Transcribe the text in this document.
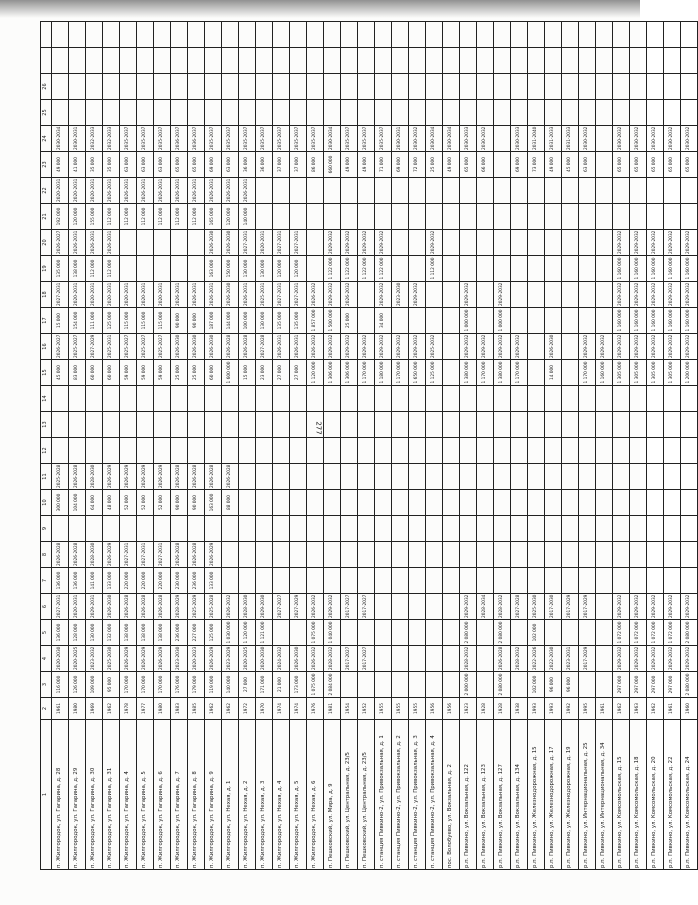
277
1	2	3	4	5	6	7	8	9	10	11	12	13	14	15	16	17	18	19	20	21	22	23	24	25	26		
п. Жилгородок, ул. Гагарина, д. 28	1961	116 000	2020-2030	136 000	2027-2031	136 000	2026-2028		300 000	2025-2028				45 000	2026-2027	15 000	2027-2031	135 000	2026-2027	192 000	2020-2031	49 000	2030-2034				
п. Жилгородок, ул. Гагарина, д. 29	1980	126 000	2020-2025	128 000	2020-2031	136 000	2026-2028		104 000	2026-2028				83 000	2025-2027	154 000	2020-2031	138 000	2026-2031	120 000	2020-2031	41 000	2030-2031				
п. Жилгородок, ул. Гагарина, д. 30	1969	109 000	2023-2032	130 000	2029-2031	141 000	2028-2030		64 000	2028-2030				60 000	2027-2029	111 000	2020-2031	112 000	2026-2031	155 000	2020-2031	35 000	2032-2033				
п. Жилгородок, ул. Гагарина, д. 31	1962	95 000	2025-2030	132 000	2026-2030	133 000	2026-2029		48 000	2026-2029				60 000	2025-2031	125 000	2020-2031	112 000	2026-2031	112 000	2026-2031	35 000	2032-2033				
п. Жилгородок, ул. Гагарина, д. 4	1978	170 000	2026-2029	138 000	2026-2028	220 000	2027-2031		52 000	2026-2029				59 000	2025-2027	115 000	2020-2031			112 000	2026-2031	63 000	2035-2037				
п. Жилгородок, ул. Гагарина, д. 5	1977	170 000	2026-2029	138 000	2026-2028	220 000	2027-2031		52 000	2026-2029				59 000	2025-2027	115 000	2020-2031			112 000	2026-2031	63 000	2035-2037				
п. Жилгородок, ул. Гагарина, д. 6	1980	170 000	2026-2029	138 000	2026-2028	220 000	2027-2031		52 000	2026-2029				59 000	2025-2027	115 000	2020-2031			112 000	2026-2031	63 000	2035-2037				
п. Жилгородок, ул. Гагарина, д. 7	1983	176 000	2023-2030	236 000	2028-2029	230 000	2026-2028		90 000	2026-2028				25 000	2026-2030	90 000	2026-2031			112 000	2026-2031	65 000	2036-2037				
п. Жилгородок, ул. Гагарина, д. 8	1985	179 000	2020-2023	227 000	2025-2029	236 000	2026-2028		90 000	2026-2028				25 000	2026-2030	90 000	2026-2031			112 000	2026-2031	65 000	2036-2037				
п. Жилгородок, ул. Гагарина, д. 9	1962	119 000	2026-2029	125 000	2025-2028	133 000	2026-2029		163 000	2026-2028				60 000	2026-2030	187 000	2026-2031	163 000	2026-2030	165 000	2026-2031	69 000	2035-2037				
п. Жилгородок, ул. Нехая, д. 1	1962	140 000	2023-2029	1 030 000	2026-2032				88 000	2026-2028				1 600 000	2026-2028	144 000	2026-2030	150 000	2026-2030	120 000	2026-2031	63 000	2035-2037				
п. Жилгородок, ул. Нехая, д. 2	1972	27 000	2020-2025	1 120 000	2028-2030									15 000	2026-2028	100 000	2026-2031	130 000	2027-2031	140 000	2026-2031	36 000	2035-2037				
п. Жилгородок, ул. Нехая, д. 3	1970	171 000	2020-2030	1 121 000	2029-2030									23 000	2027-2028	130 000	2025-2031	130 000	2020-2031			36 000	2035-2037				
п. Жилгородок, ул. Нехая, д. 4	1974	21 000	2024-2032		2027-2027									27 000	2026-2031	135 000	2027-2031	120 000	2027-2031			37 000	2035-2037				
п. Жилгородок, ул. Нехая, д. 5	1974	173 000	2026-2030		2027-2029									27 000	2026-2031	135 000	2027-2031	120 000	2027-2031			37 000	2035-2037				
п. Жилгородок, ул. Нехая, д. 6	1976	1 075 000	2026-2032	1 075 000	2026-2032									1 120 000	2026-2032	1 857 000	2026-2032					86 000	2035-2037				
п. Пешковский, ул. Мира, д. 9	1981	2 084 000	2028-2032	1 040 000	2029-2032									1 306 000	2029-2032	1 500 000	2029-2032	1 122 000	2029-2032			660 000	2030-2034				
п. Пешковский, ул. Центральная, д. 23/5	1954		2017-2027		2017-2027									1 306 000	2029-2032	25 000	2026-2032	1 122 000	2029-2032			49 000	2035-2037				
п. Пешковский, ул. Центральная, д. 23/5	1952		2017-2027		2017-2027									1 170 000	2029-2032			1 122 000	2029-2032			49 000	2035-2037				
п. станция Пивкино-2, ул. Привокзальная, д. 1	1955													1 180 000	2029-2032	34 000	2029-2032	1 122 000	2029-2032			71 000	2035-2037				
п. станция Пивкино-2, ул. Привокзальная, д. 2	1955													1 170 000	2029-2032		2023-2030					69 000	2030-2031				
п. станция Пивкино-2, ул. Привокзальная, д. 3	1955													1 650 000	2029-2032		2029-2032					72 000	2030-2032				
п. станция Пивкино-2, ул. Привокзальная, д. 4	1956													1 125 000	2025-2032			1 112 000	2029-2032			25 000	2030-2034				
пос. Волобуево, ул. Вокзальная, д. 2	1956																					49 000	2030-2034				
р.п. Пивкино, ул. Вокзальная, д. 122	1923	2 000 000	2028-2032	2 080 000	2029-2032									1 380 000	2029-2032	1 000 000	2029-2032					65 000	2030-2033				
р.п. Пивкино, ул. Вокзальная, д. 123	1928				2028-2034									1 170 000	2029-2032							66 000	2030-2032				
р.п. Пивкино, ул. Вокзальная, д. 127	1928	2 080 000	2026-2028	2 080 000	2028-2032									1 380 000	2029-2032	1 000 000	2029-2032										
р.п. Пивкино, ул. Вокзальная, д. 134	1938		2028-2032		2027-2028									1 170 000	2029-2032							69 000	2030-2033				
р.п. Пивкино, ул. Железнодорожная, д. 15	1993	102 000	2022-2026	102 000	2025-2030																	73 000	2031-2040				
р.п. Пивкино, ул. Железнодорожная, д. 17	1993	96 000	2022-2030		2017-2030									14 000	2026-2030							49 000	2031-2033				
р.п. Пивкино, ул. Железнодорожная, д. 19	1992	96 000	2023-2031		2017-2029																	45 000	2031-2033				
р.п. Пивкино, ул. Интернациональная, д. 25	1995		2017-2029		2017-2029									1 170 000	2029-2032							63 000	2030-2032				
р.п. Пивкино, ул. Интернациональная, д. 34	1961													1 160 000	2029-2032												
р.п. Пивкино, ул. Комсомольская, д. 15	1962	297 000	2029-2032	1 072 000	2029-2032									1 305 000	2029-2032	1 160 000	2029-2032	1 160 000	2029-2032			65 000	2030-2032				
р.п. Пивкино, ул. Комсомольская, д. 18	1963	297 000	2029-2032	1 072 000	2029-2032									1 305 000	2029-2032	1 160 000	2029-2032	1 160 000	2029-2032			65 000	2030-2032				
р.п. Пивкино, ул. Комсомольская, д. 20	1962	297 000	2029-2032	1 072 000	2029-2032									1 305 000	2029-2032	1 160 000	2029-2032	1 160 000	2029-2032			65 000	2030-2032				
р.п. Пивкино, ул. Комсомольская, д. 22	1961	297 000	2029-2032	1 072 000	2029-2032									1 305 000	2029-2032	1 160 000	2029-2032	1 160 000	2029-2032			65 000	2030-2032				
р.п. Пивкино, ул. Комсомольская, д. 24	1960	2 080 000	2029-2032	2 080 000	2029-2032									1 200 000	2029-2032	1 160 000	2029-2032	1 160 000	2029-2032			65 000	2030-2032				
